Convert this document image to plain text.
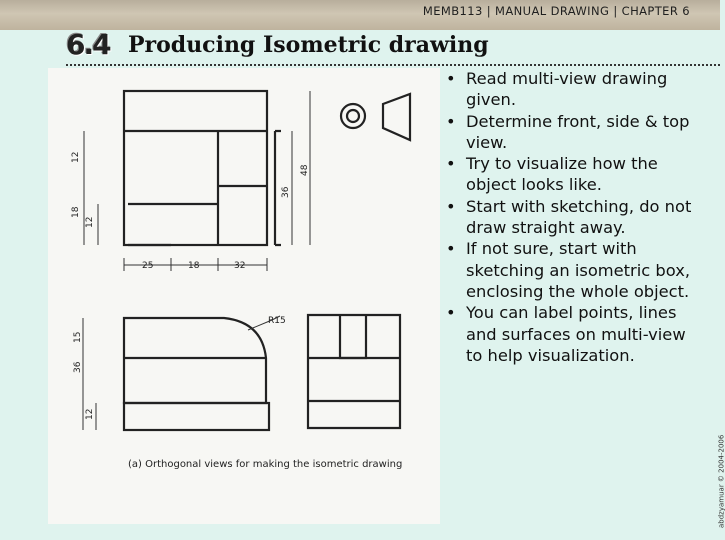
MEMB113 | MANUAL DRAWING | CHAPTER 6
6.4 Producing Isometric drawing
12
18
12
36
48
25	18	32
R15
15
36
12
(a) Orthogonal views for making the isometric drawing
• Read multi-view drawing given.
• Determine front, side & top view.
• Try to visualize how the object looks like.
• Start with sketching, do not draw straight away.
• If not sure, start with sketching an isometric box, enclosing the whole object.
• You can label points, lines and surfaces on multi-view to help visualization.
abdzyamuar © 2004-2006
